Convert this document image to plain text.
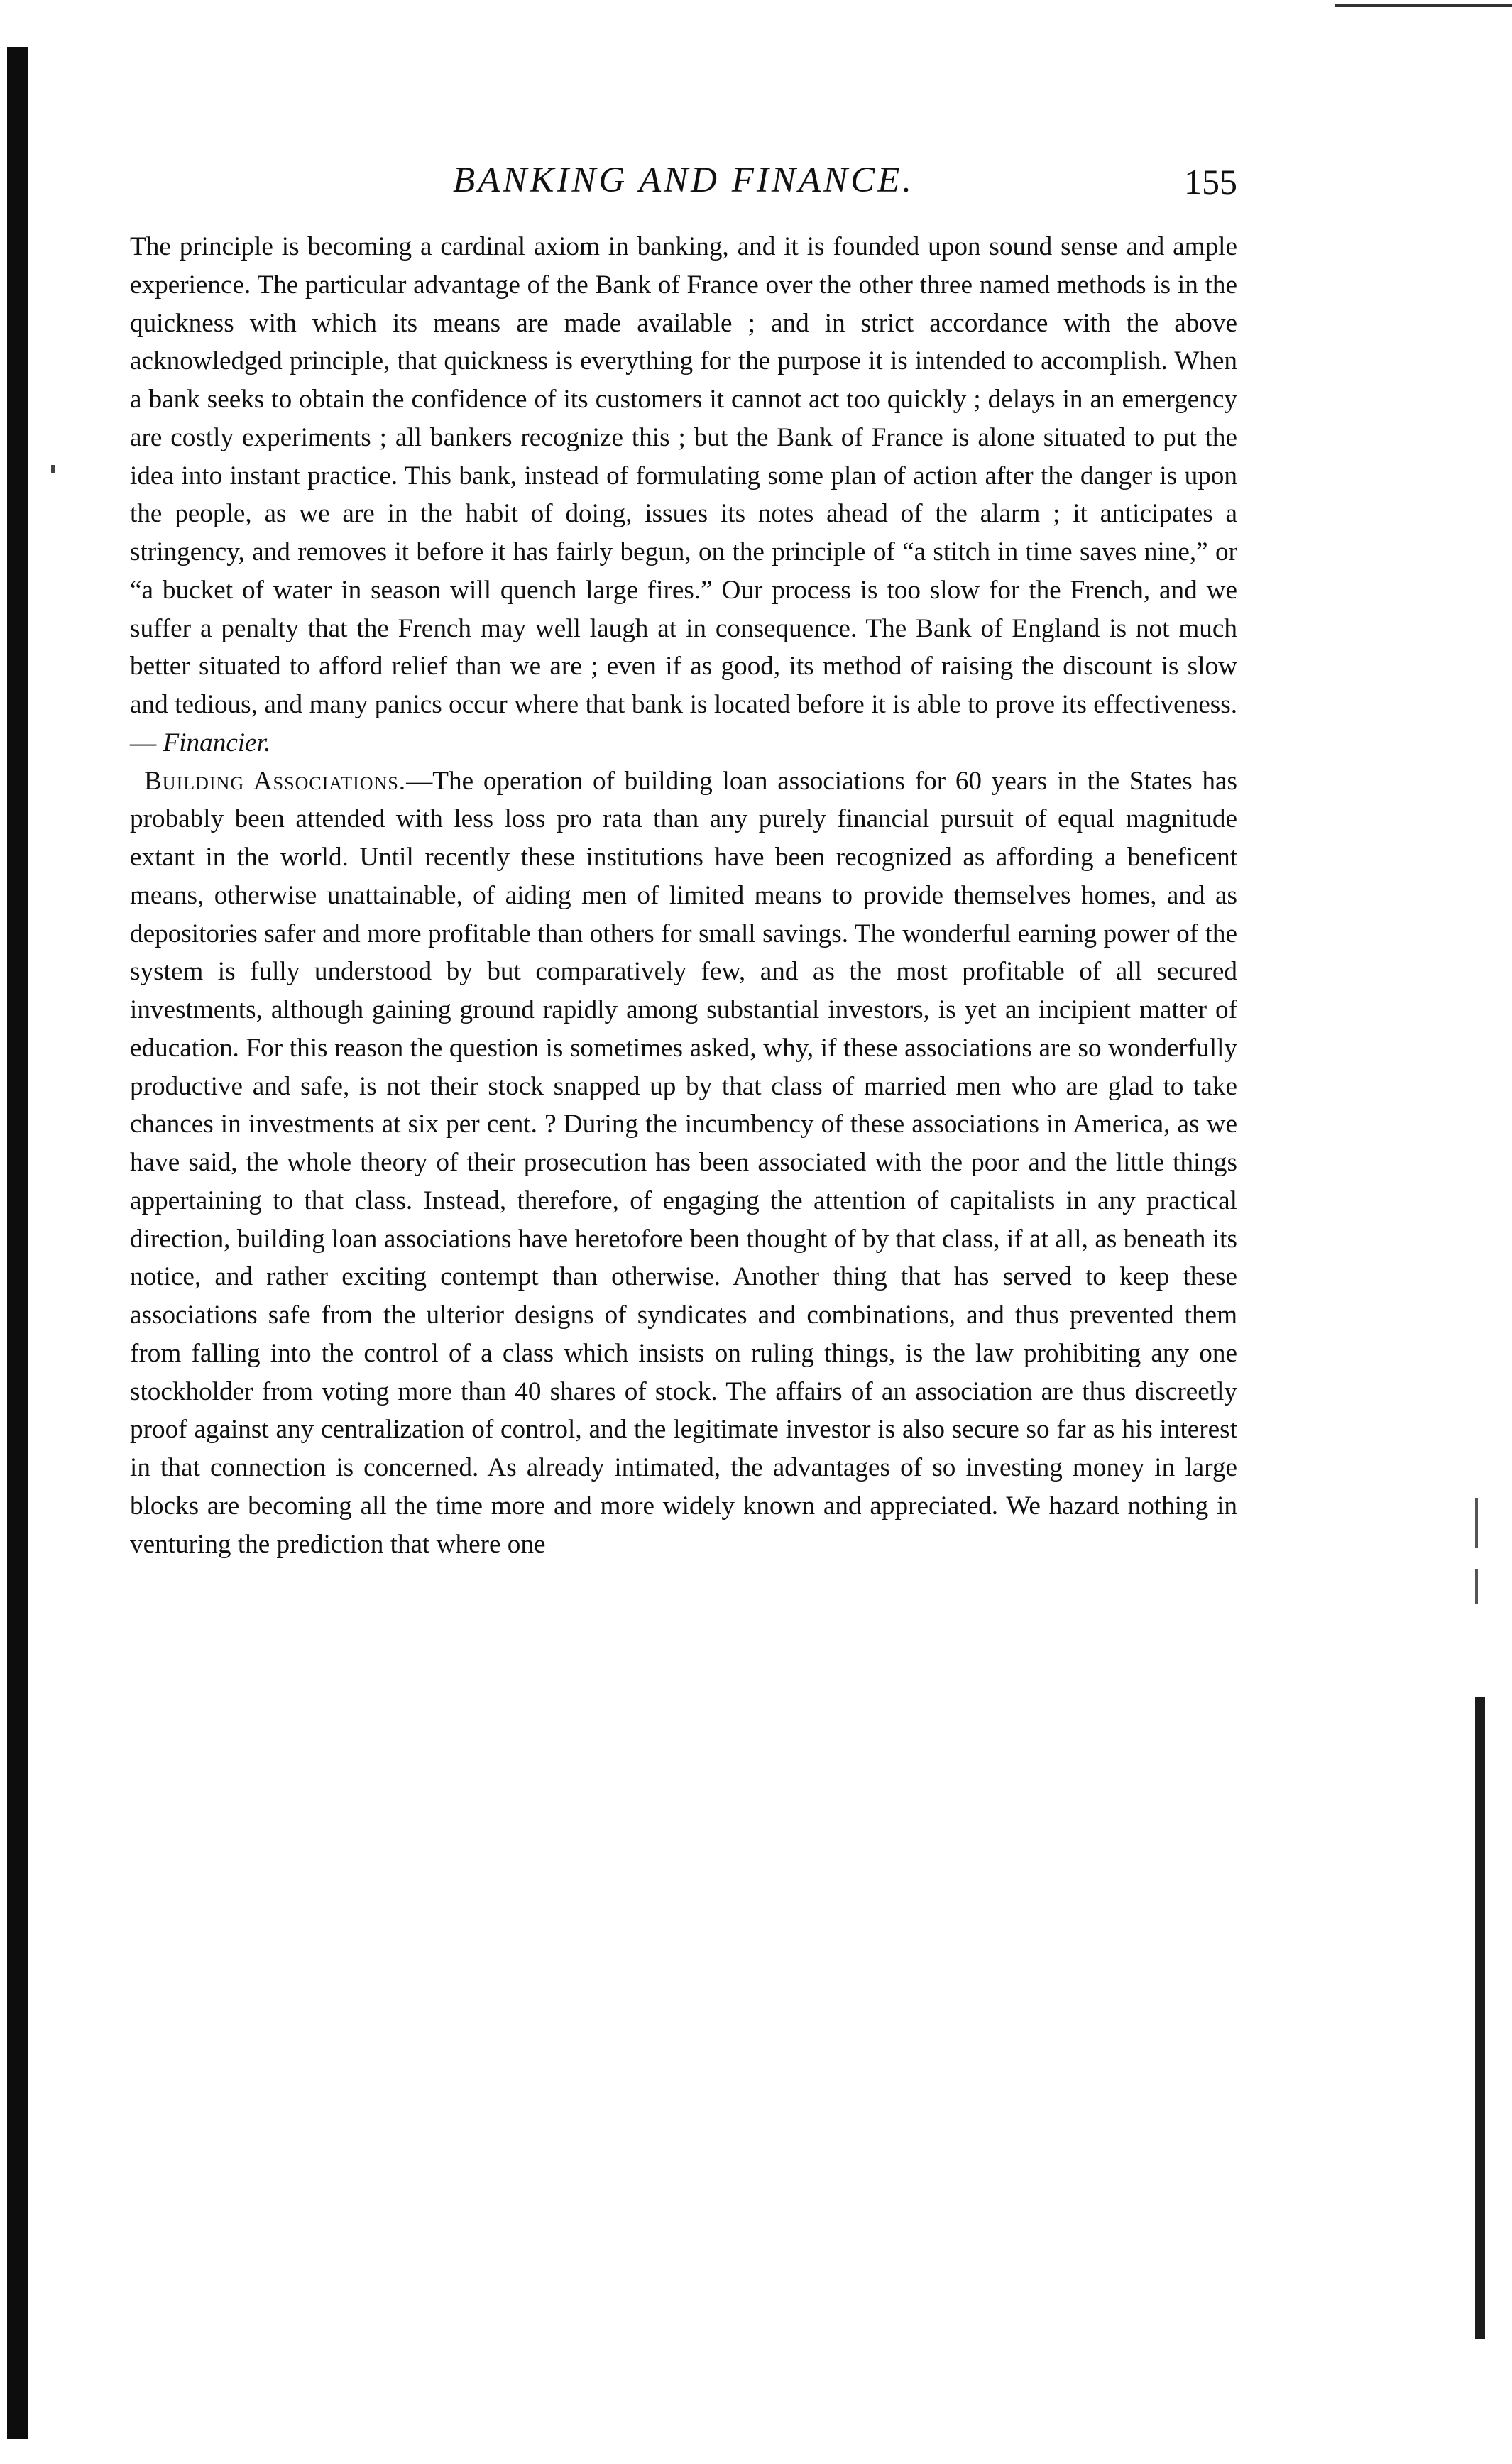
BANKING AND FINANCE.	155

The principle is becoming a cardinal axiom in banking, and it is founded upon sound sense and ample experience. The particular advantage of the Bank of France over the other three named methods is in the quickness with which its means are made available ; and in strict accordance with the above acknowledged principle, that quickness is everything for the purpose it is intended to accomplish. When a bank seeks to obtain the confidence of its customers it cannot act too quickly ; delays in an emergency are costly experiments ; all bankers recognize this ; but the Bank of France is alone situated to put the idea into instant practice. This bank, instead of formulating some plan of action after the danger is upon the people, as we are in the habit of doing, issues its notes ahead of the alarm ; it anticipates a stringency, and removes it before it has fairly begun, on the principle of “a stitch in time saves nine,” or “a bucket of water in season will quench large fires.” Our process is too slow for the French, and we suffer a penalty that the French may well laugh at in consequence. The Bank of England is not much better situated to afford relief than we are ; even if as good, its method of raising the discount is slow and tedious, and many panics occur where that bank is located before it is able to prove its effectiveness.— Financier.

Building Associations.—The operation of building loan associations for 60 years in the States has probably been attended with less loss pro rata than any purely financial pursuit of equal magnitude extant in the world. Until recently these institutions have been recognized as affording a beneficent means, otherwise unattainable, of aiding men of limited means to provide themselves homes, and as depositories safer and more profitable than others for small savings. The wonderful earning power of the system is fully understood by but comparatively few, and as the most profitable of all secured investments, although gaining ground rapidly among substantial investors, is yet an incipient matter of education. For this reason the question is sometimes asked, why, if these associations are so wonderfully productive and safe, is not their stock snapped up by that class of married men who are glad to take chances in investments at six per cent. ? During the incumbency of these associations in America, as we have said, the whole theory of their prosecution has been associated with the poor and the little things appertaining to that class. Instead, therefore, of engaging the attention of capitalists in any practical direction, building loan associations have heretofore been thought of by that class, if at all, as beneath its notice, and rather exciting contempt than otherwise. Another thing that has served to keep these associations safe from the ulterior designs of syndicates and combinations, and thus prevented them from falling into the control of a class which insists on ruling things, is the law prohibiting any one stockholder from voting more than 40 shares of stock. The affairs of an association are thus discreetly proof against any centralization of control, and the legitimate investor is also secure so far as his interest in that connection is concerned. As already intimated, the advantages of so investing money in large blocks are becoming all the time more and more widely known and appreciated. We hazard nothing in venturing the prediction that where one
